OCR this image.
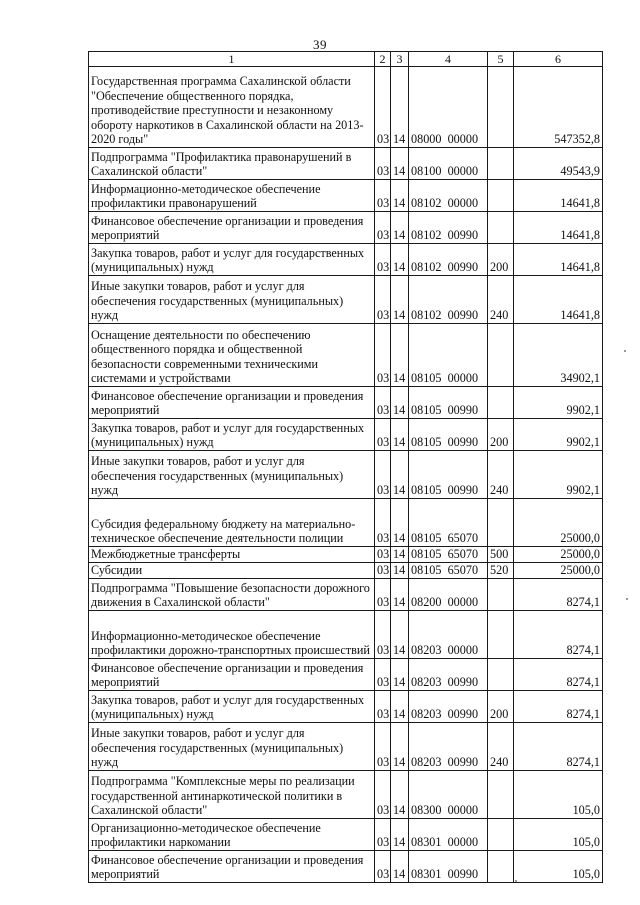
39
1	2	3	4	5	6
Государственная программа Сахалинской области "Обеспечение общественного порядка, противодействие преступности и незаконному обороту наркотиков в Сахалинской области на 2013-2020 годы"	03	14	08000  00000		547352,8
Подпрограмма "Профилактика правонарушений в Сахалинской области"	03	14	08100  00000		49543,9
Информационно-методическое обеспечение профилактики правонарушений	03	14	08102  00000		14641,8
Финансовое обеспечение организации и проведения мероприятий	03	14	08102  00990		14641,8
Закупка товаров, работ и услуг для государственных (муниципальных) нужд	03	14	08102  00990	200	14641,8
Иные закупки товаров, работ и услуг для обеспечения государственных (муниципальных) нужд	03	14	08102  00990	240	14641,8
Оснащение деятельности по обеспечению общественного порядка и общественной безопасности современными техническими системами и устройствами	03	14	08105  00000		34902,1
Финансовое обеспечение организации и проведения мероприятий	03	14	08105  00990		9902,1
Закупка товаров, работ и услуг для государственных (муниципальных) нужд	03	14	08105  00990	200	9902,1
Иные закупки товаров, работ и услуг для обеспечения государственных (муниципальных) нужд	03	14	08105  00990	240	9902,1
Субсидия федеральному бюджету на материально-техническое обеспечение деятельности полиции	03	14	08105  65070		25000,0
Межбюджетные трансферты	03	14	08105  65070	500	25000,0
Субсидии	03	14	08105  65070	520	25000,0
Подпрограмма "Повышение безопасности дорожного движения в Сахалинской области"	03	14	08200  00000		8274,1
Информационно-методическое обеспечение профилактики дорожно-транспортных происшествий	03	14	08203  00000		8274,1
Финансовое обеспечение организации и проведения мероприятий	03	14	08203  00990		8274,1
Закупка товаров, работ и услуг для государственных (муниципальных) нужд	03	14	08203  00990	200	8274,1
Иные закупки товаров, работ и услуг для обеспечения государственных (муниципальных) нужд	03	14	08203  00990	240	8274,1
Подпрограмма "Комплексные меры по реализации государственной антинаркотической политики в Сахалинской области"	03	14	08300  00000		105,0
Организационно-методическое обеспечение профилактики наркомании	03	14	08301  00000		105,0
Финансовое обеспечение организации и проведения мероприятий	03	14	08301  00990		105,0
